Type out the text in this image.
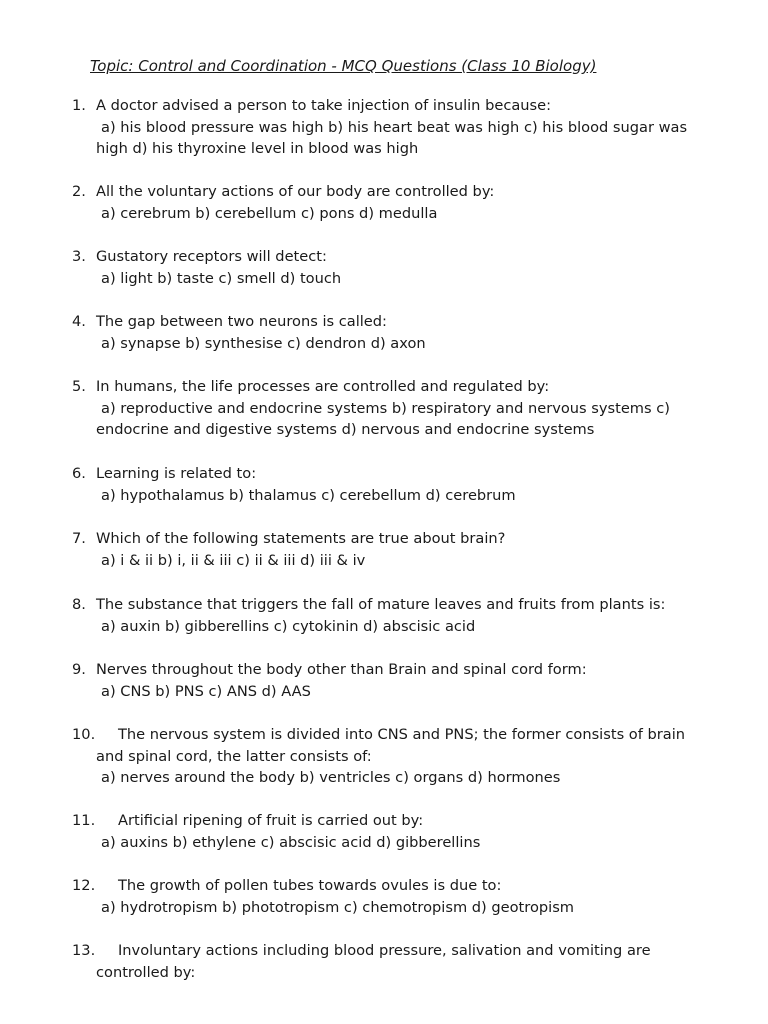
Topic: Control and Coordination - MCQ Questions (Class 10 Biology)
1. A doctor advised a person to take injection of insulin because:
a) his blood pressure was high b) his heart beat was high c) his blood sugar was high d) his thyroxine level in blood was high
2. All the voluntary actions of our body are controlled by:
a) cerebrum b) cerebellum c) pons d) medulla
3. Gustatory receptors will detect:
a) light b) taste c) smell d) touch
4. The gap between two neurons is called:
a) synapse b) synthesise c) dendron d) axon
5. In humans, the life processes are controlled and regulated by:
a) reproductive and endocrine systems b) respiratory and nervous systems c) endocrine and digestive systems d) nervous and endocrine systems
6. Learning is related to:
a) hypothalamus b) thalamus c) cerebellum d) cerebrum
7. Which of the following statements are true about brain?
a) i & ii b) i, ii & iii c) ii & iii d) iii & iv
8. The substance that triggers the fall of mature leaves and fruits from plants is:
a) auxin b) gibberellins c) cytokinin d) abscisic acid
9. Nerves throughout the body other than Brain and spinal cord form:
a) CNS b) PNS c) ANS d) AAS
10. The nervous system is divided into CNS and PNS; the former consists of brain
and spinal cord, the latter consists of:
a) nerves around the body b) ventricles c) organs d) hormones
11. Artificial ripening of fruit is carried out by:
a) auxins b) ethylene c) abscisic acid d) gibberellins
12. The growth of pollen tubes towards ovules is due to:
a) hydrotropism b) phototropism c) chemotropism d) geotropism
13. Involuntary actions including blood pressure, salivation and vomiting are
controlled by:
